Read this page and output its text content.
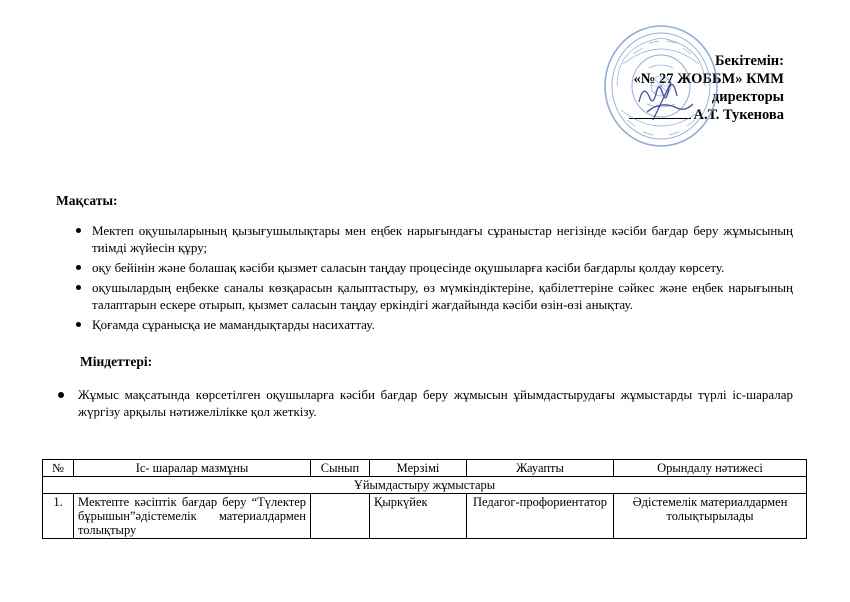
Бекітемін:
«№ 27 ЖОББМ» КММ
директоры
А.Т. Тукенова
Мақсаты:
Мектеп оқушыларының қызығушылықтары мен еңбек нарығындағы сұраныстар негізінде кәсіби бағдар беру жұмысының тиімді жүйесін құру;
оқу бейінін және болашақ кәсіби қызмет саласын таңдау процесінде оқушыларға кәсіби бағдарлы қолдау көрсету.
оқушылардың еңбекке саналы көзқарасын қалыптастыру, өз мүмкіндіктеріне, қабілеттеріне сәйкес және еңбек нарығының талаптарын ескере отырып, қызмет саласын таңдау еркіндігі жағдайында кәсіби өзін-өзі анықтау.
Қоғамда сұранысқа ие мамандықтарды насихаттау.
Міндеттері:
Жұмыс мақсатында көрсетілген оқушыларға кәсіби бағдар беру жұмысын ұйымдастырудағы жұмыстарды түрлі іс-шаралар жүргізу арқылы нәтижелілікке қол жеткізу.
№	Іс- шаралар мазмұны	Сынып	Мерзімі	Жауапты	Орындалу нәтижесі
Ұйымдастыру жұмыстары					
1.	Мектепте кәсіптік бағдар беру “Түлектер бұрышын”әдістемелік материалдармен толықтыру		Қыркүйек	Педагог-профориентатор	Әдістемелік материалдармен толықтырылады
